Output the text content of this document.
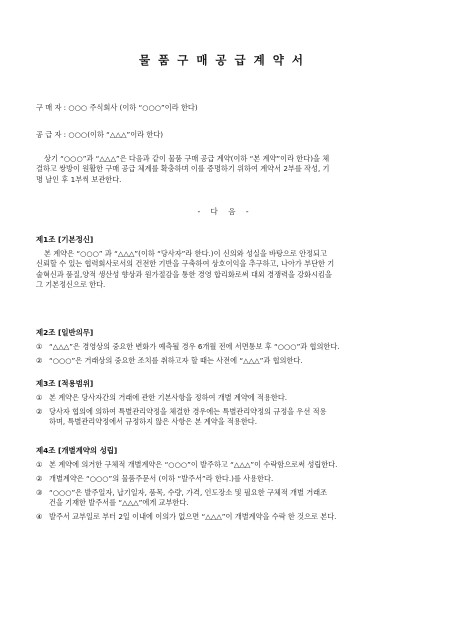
물품구매공급계약서
구 매 자 : ○○○ 주식회사 (이하 “○○○”이라 한다)
공 급 자 : ○○○(이하 “△△△”이라 한다)
상기 “○○○”과 “△△△”은 다음과 같이 물품 구매 공급 계약(이하 “본 계약”이라 한다)을 체
결하고 쌍방이 원활한 구매 공급 체계를 확충하며 이를 증명하기 위하여 계약서 2부를 작성, 기
명 날인 후 1부씩 보관한다.
- 다 음 -
제1조 [기본정신]
본 계약은 “○○○” 과 “△△△”(이하 “당사자”라 한다.)이 신의와 성실을 바탕으로 안정되고
신뢰할 수 있는 협력회사로서의 건전한 기반을 구축하여 상호이익을 추구하고, 나아가 부단한 기
술혁신과 품질,양적 생산성 향상과 원가절감을 통한 경영 합리화로써 대외 경쟁력을 강화시킴을
그 기본정신으로 한다.
제2조 [일반의무]
① “△△△”은 경영상의 중요한 변화가 예측될 경우 6개월 전에 서면통보 후 “○○○”과 협의한다.
② “○○○”은 거래상의 중요한 조치를 취하고자 할 때는 사전에 “△△△”과 협의한다.
제3조 [적용범위]
① 본 계약은 당사자간의 거래에 관한 기본사항을 정하여 개별 계약에 적용한다.
② 당사자 협의에 의하여 특별관리약정을 체결한 경우에는 특별관리약정의 규정을 우선 적용
하며, 특별관리약정에서 규정하지 않은 사항은 본 계약을 적용한다.
제4조 [개별계약의 성립]
① 본 계약에 의거한 구체적 개별계약은 “○○○”이 발주하고 “△△△”이 수락함으로써 성립한다.
② 개별계약은 “○○○”의 물품주문서 (이하 “발주서”라 한다.)를 사용한다.
③ “○○○”은 발주일자, 납기일자, 품목, 수량, 가격, 인도장소 및 필요한 구체적 개별 거래조
건을 기재한 발주서를 “△△△”에게 교부한다.
④ 발주서 교부일로 부터 2일 이내에 이의가 없으면 “△△△”이 개별계약을 수락 한 것으로 본다.
